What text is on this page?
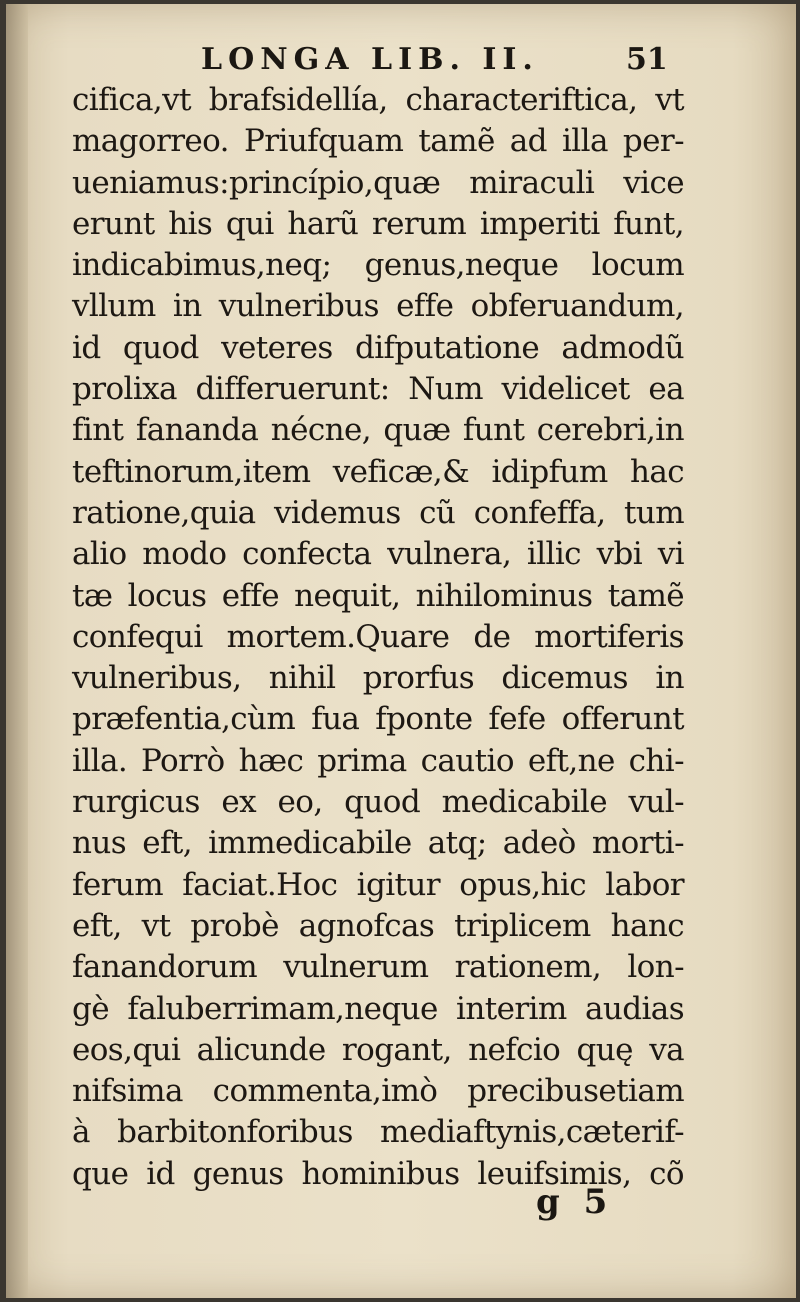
LONGA LIB. II.	51
cifica,vt brafsidellía, characteriftica, vt
magorreo. Priufquam tamẽ ad illa per-
ueniamus:princípio,quæ miraculi vice
erunt his qui harũ rerum imperiti funt,
indicabimus,neq; genus,neque locum
vllum in vulneribus effe obferuandum,
id quod veteres difputatione admodũ
prolixa differuerunt: Num videlicet ea
fint fananda nécne, quæ funt cerebri,in
teftinorum,item veficæ,& idipfum hac
ratione,quia videmus cũ confeffa, tum
alio modo confecta vulnera, illic vbi vi
tæ locus effe nequit, nihilominus tamẽ
confequi mortem.Quare de mortiferis
vulneribus, nihil prorfus dicemus in
præfentia,cùm fua fponte fefe offerunt
illa. Porrò hæc prima cautio eft,ne chi-
rurgicus ex eo, quod medicabile vul-
nus eft, immedicabile atq; adeò morti-
ferum faciat.Hoc igitur opus,hic labor
eft, vt probè agnofcas triplicem hanc
fanandorum vulnerum rationem, lon-
gè faluberrimam,neque interim audias
eos,qui alicunde rogant, nefcio quę va
nifsima commenta,imò precibusetiam
à barbitonforibus mediaftynis,cæterif-
que id genus hominibus leuifsimis, cõ
g 5
